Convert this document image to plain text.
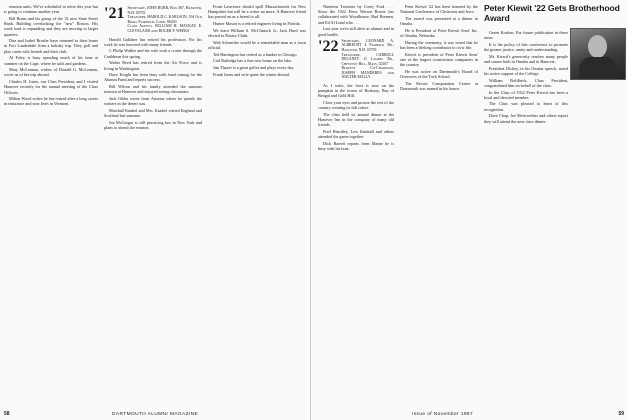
reunion units. We've scheduled to retire this year but is going to continue another year.

Bill Bruns and his group of the '21 new State Street Bank. Building overlooking the "new" Boston. His work load is expanding and they are moving to larger quarters.

Don and Isabel Brusler have returned to their home in Fort Lauderdale from a holiday trip. They golf and play cards with friends and their club.

Al Foley is busy spending much of his time at summer on the Cape, where he sails and gardens.

Mary McLennan, widow of Donald G. McLennan, wrote us of her trip abroad.

Charles H. Jones, our Class President, and I visited Hanover recently for the annual meeting of the Class Officers.

Milton Wood writes he has retired after a long career in insurance and now lives in Vermont.

'21 Secretary, JOHN BURR, Box 367, Hanover, N.H. 03755
Treasurer, HAROLD C. KARLSON, 194 Old Road, Fairfield, Conn. 06430
Class Agents, WILLIAM H. MACKAY, E. CLEVELAND and ROGER F. WEEKS

Harold Gallaher has retired his profession. For his work he was honored with many friends.

J. Philip Walker and his wife took a cruise through the Caribbean this spring.

Walter Reed has retired from the Air Force and is living in Washington.

Dave Knight has been busy with fund raising for the Alumni Fund and reports success.

Bill Wilson and his family attended the summer reunion at Hanover and enjoyed seeing classmates.

Jack Gibbs wrote from Arizona where he spends the winters in the desert sun.

Marshall Kunkel and Mrs. Kunkel visited England and Scotland last summer.

Joe McGregor is still practicing law in New York and plans to attend the reunion.

From Lawrence should spell Massachusetts for New Hampshire but will be a writer no more. A Hanover friend has passed on as a friend to all.

Hunter Mason is a retired engineer living in Florida.

We learn William S. McClintock Jr., Jack Hurd was elected to Rotary Clubs.

Walt Schneider would be a remarkable man as a town official.

Ted Harrington has retired as a banker in Chicago.

Carl Rutledge has a fine new home on the lake.

Jim Thayer is a great golfer and plays every day.

Frank Jones and wife spent the winter abroad.

58	DARTMOUTH ALUMNI MAGAZINE

Nineteen Twenties by Corey Ford . . . Since the 1922 Press Warren Bower has collaborated with Woodhouse, Bud Bremen, and Ed Al Lund who . . .

Last year we're still alive as alumni and in good health.

'22 Secretary, LEONARD A. ALBRECHT 4 Paddock Rd., Hanover, N.H. 03755
Treasurer, CARROLL DELANEY 11 Laurel Rd., Chestnut Hill, Mass. 02167
Bequest Co-Chairman, JOSEPH MANDERES and WALTER MALLY

As I write, the frost is now on the pumpkin in the towns of Roxbury, Bay of Bengal and Gold Hill.

Close your eyes and picture the rest of the country wearing its fall colors.

The class held its annual dinner at the Hanover Inn in the company of many old friends.

Fred Hinchley, Lew Kimball and others attended the game together.

Dick Barrett reports from Maine he is busy with his boat.

Peter Kiewit '22 has been honored by the National Conference of Christians and Jews.

The award was presented at a dinner in Omaha.

He is President of Peter Kiewit Sons' Inc. of Omaha, Nebraska.

During the ceremony, it was noted that he has been a lifelong contributor to civic life.

Kiewit is president of Peter Kiewit Sons' one of the largest construction companies in the country.

He was active on Dartmouth's Board of Overseers of the Tuck School.

The Kiewit Computation Center at Dartmouth was named in his honor.

Peter Kiewit '22 Gets Brotherhood Award

Green Kosken. For future publication in these areas.

It is the policy of this conference to promote the greater justice, amity and understanding.

Mr. Kiewit's generosity reaches many people and causes both in Omaha and in Hanover.

President Dickey, in his Omaha speech, noted his active support of the College.

William Fieldbeck, Class President, congratulated him on behalf of the class.

In the Class of 1922 Peter Kiewit has been a loyal and devoted member.

The Class was pleased to learn of this recognition.

Dave Chap, Joe Merriwether and others report they will attend the next class dinner.

Issue of November 1967	59
